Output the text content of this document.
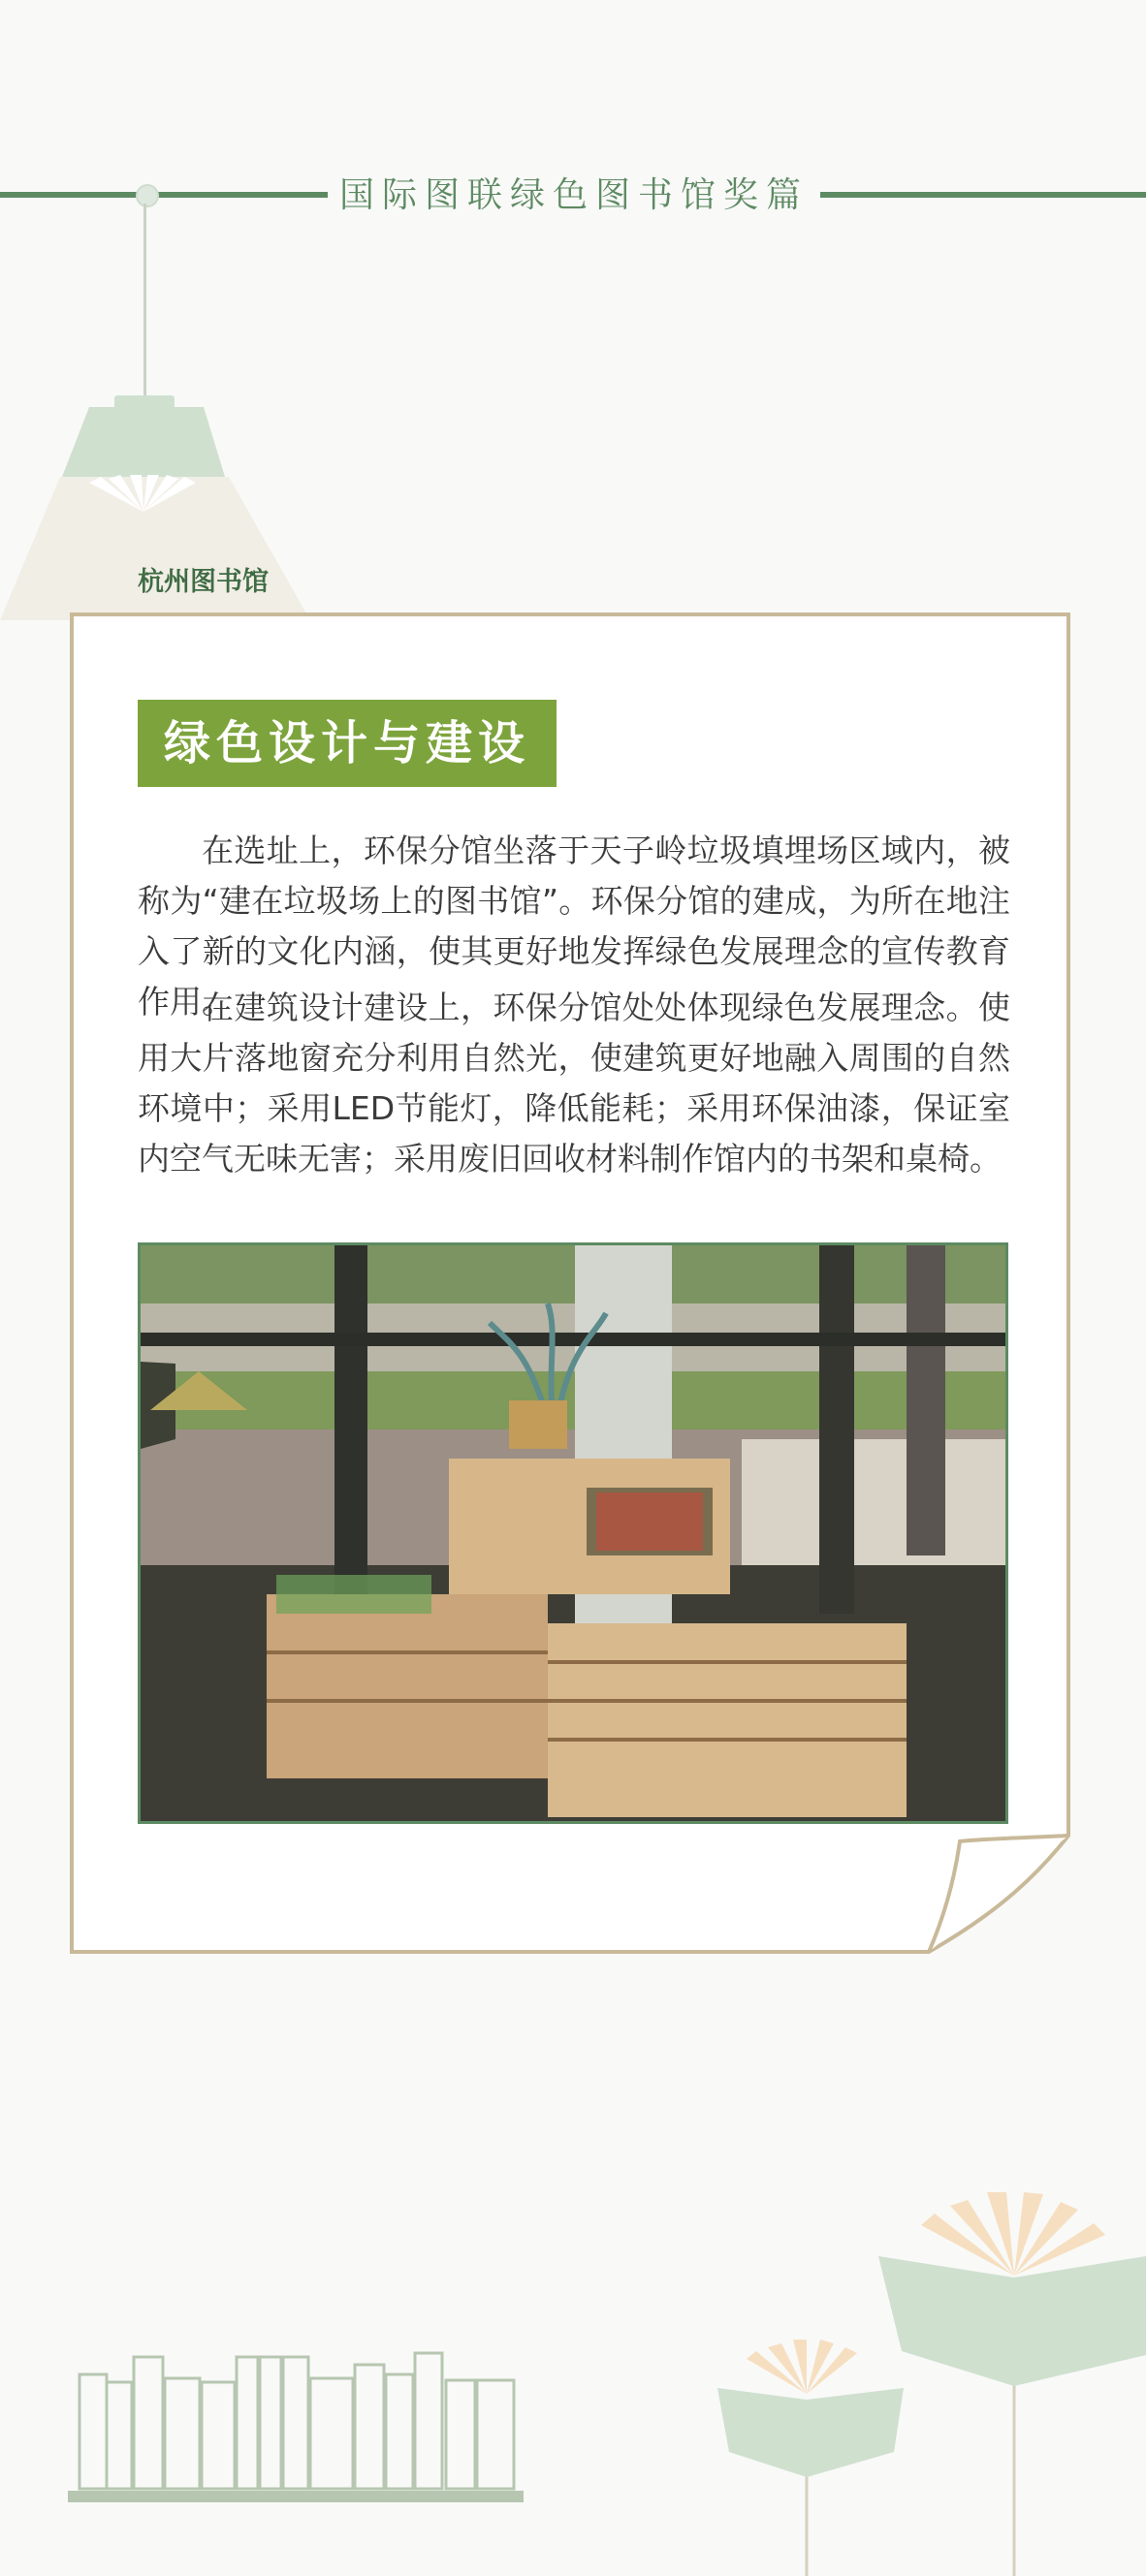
国际图联绿色图书馆奖篇
杭州图书馆
绿色设计与建设

在选址上，环保分馆坐落于天子岭垃圾填埋场区域内，被称为“建在垃圾场上的图书馆”。环保分馆的建成，为所在地注入了新的文化内涵，使其更好地发挥绿色发展理念的宣传教育作用。

在建筑设计建设上，环保分馆处处体现绿色发展理念。使用大片落地窗充分利用自然光，使建筑更好地融入周围的自然环境中；采用LED节能灯，降低能耗；采用环保油漆，保证室内空气无味无害；采用废旧回收材料制作馆内的书架和桌椅。
